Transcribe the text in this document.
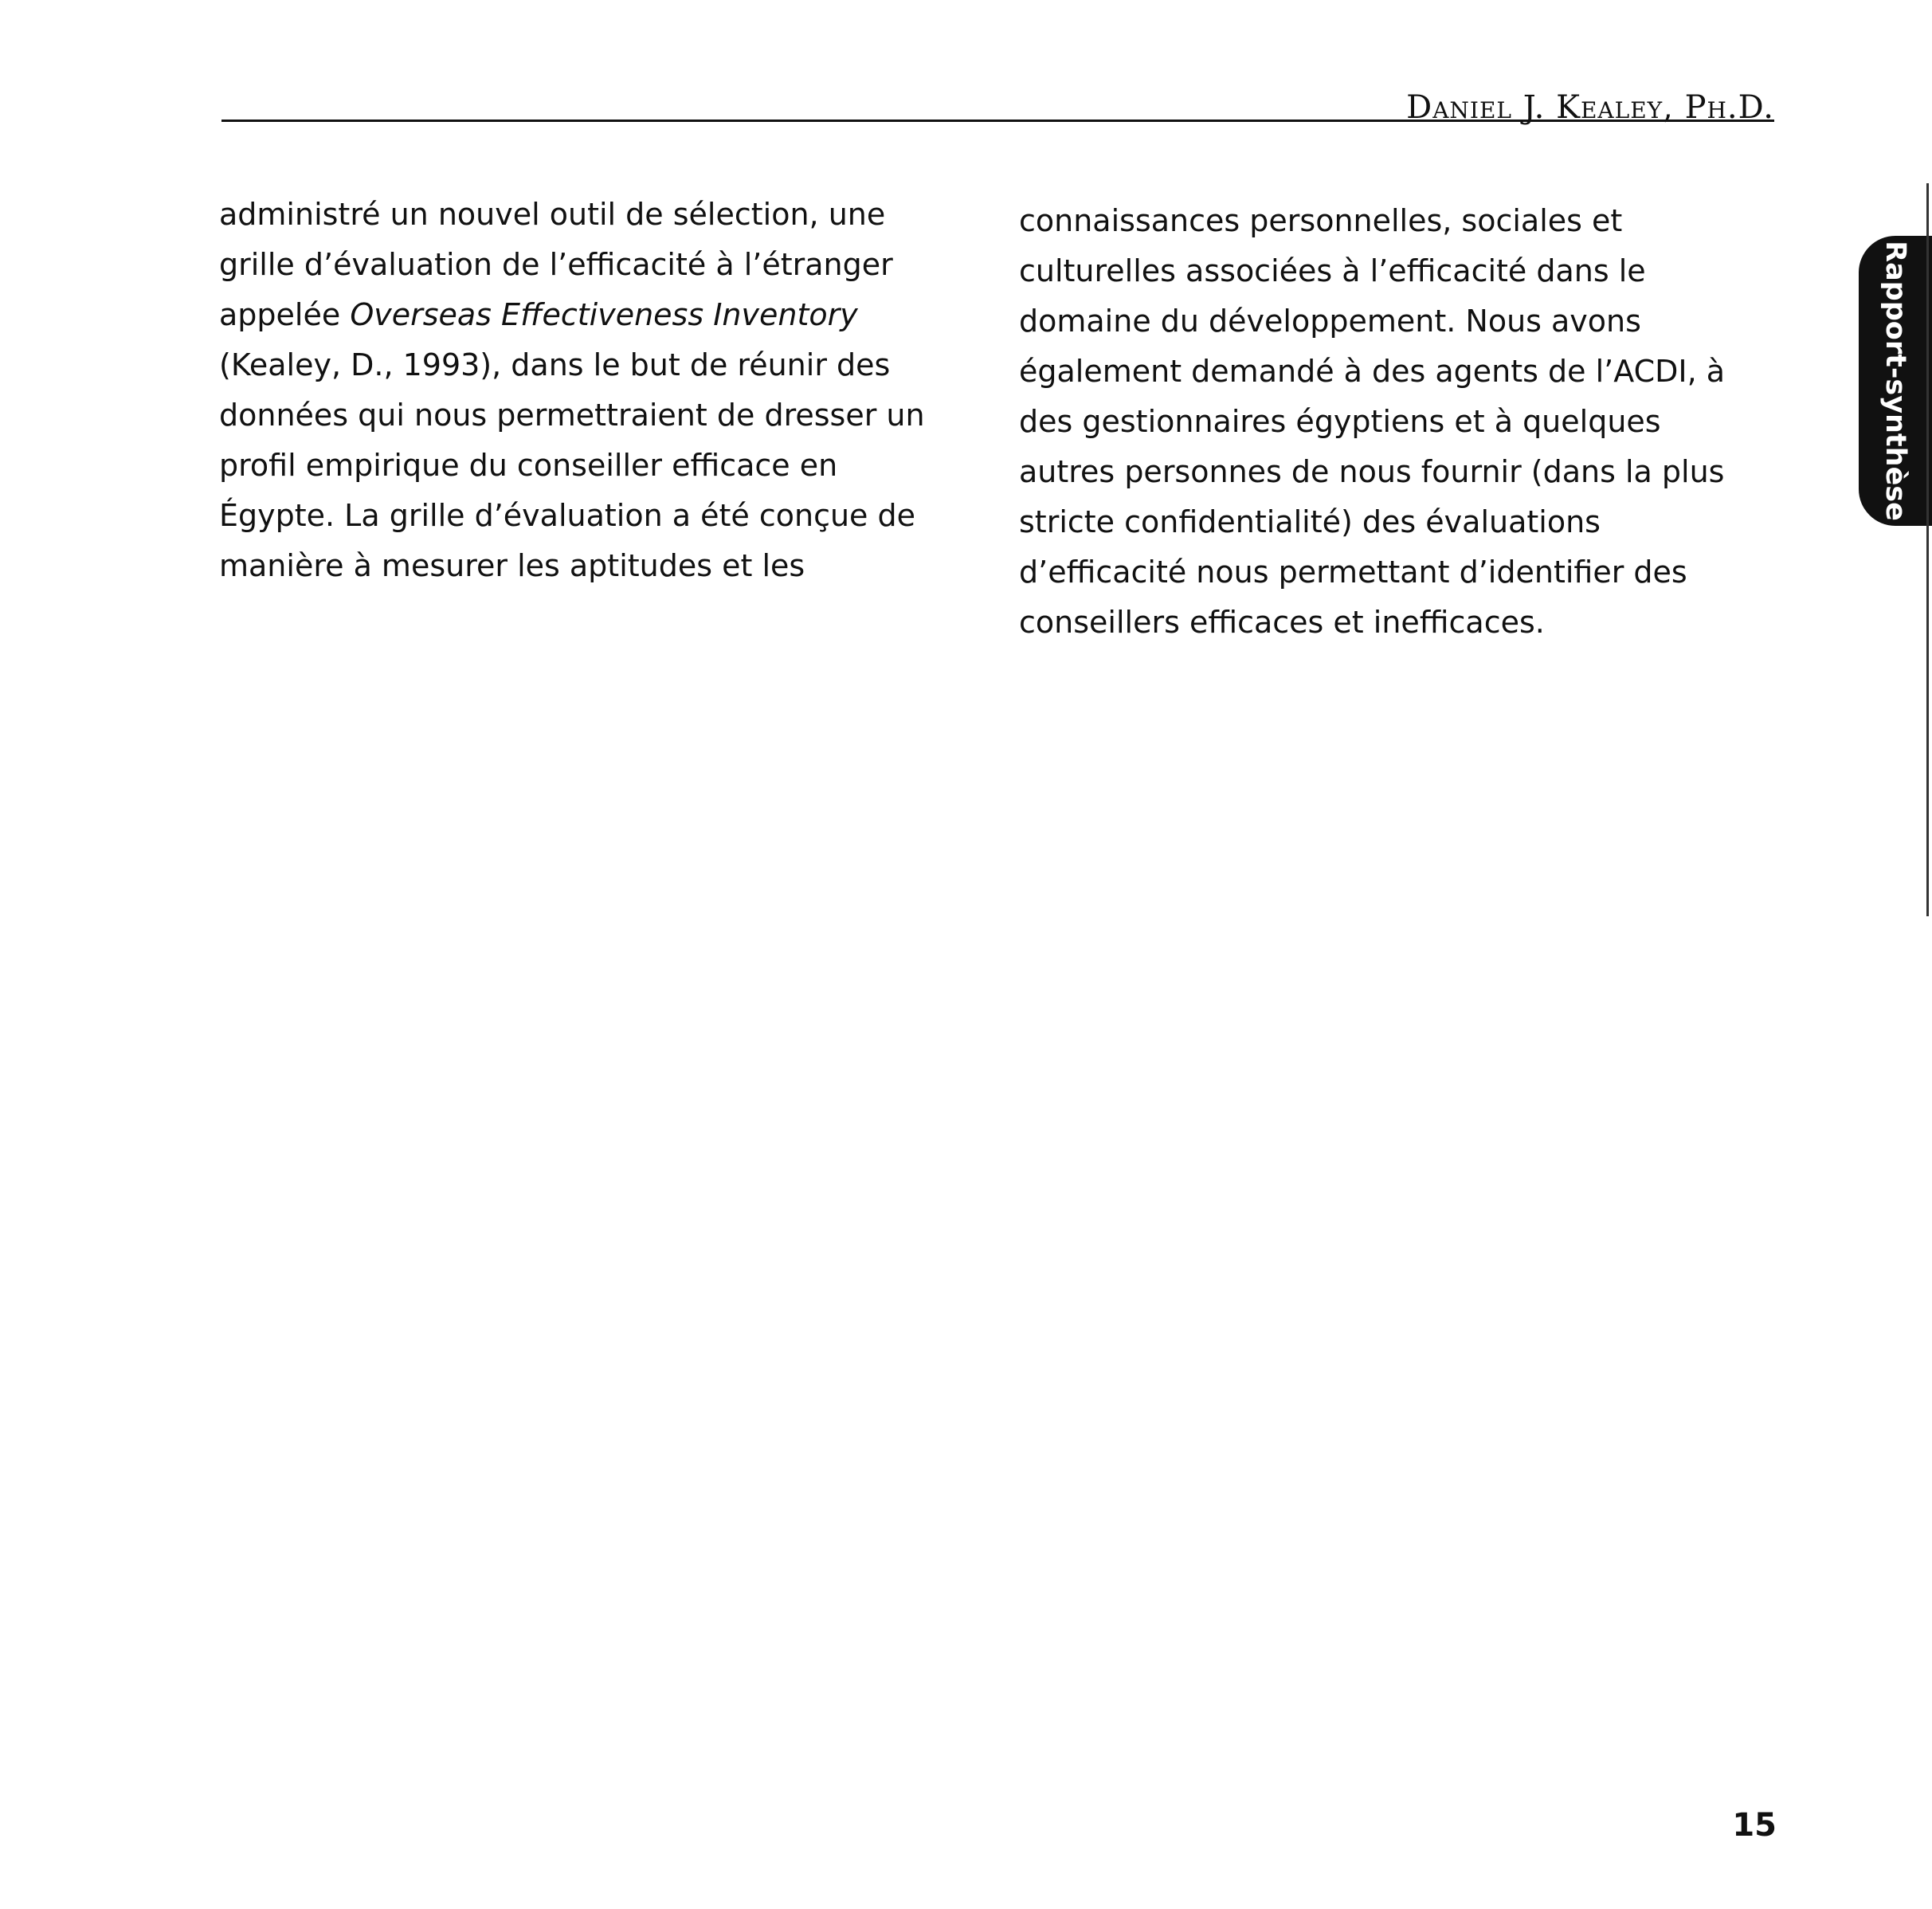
Daniel J. Kealey, Ph.D.
administré un nouvel outil de sélection, une
grille d’évaluation de l’efficacité à l’étranger
appelée Overseas Effectiveness Inventory
(Kealey, D., 1993), dans le but de réunir des
données qui nous permettraient de dresser un
profil empirique du conseiller efficace en
Égypte. La grille d’évaluation a été conçue de
manière à mesurer les aptitudes et les
connaissances personnelles, sociales et
culturelles associées à l’efficacité dans le
domaine du développement. Nous avons
également demandé à des agents de l’ACDI, à
des gestionnaires égyptiens et à quelques
autres personnes de nous fournir (dans la plus
stricte confidentialité) des évaluations
d’efficacité nous permettant d’identifier des
conseillers efficaces et inefficaces.
Rapport-synthèse
15
